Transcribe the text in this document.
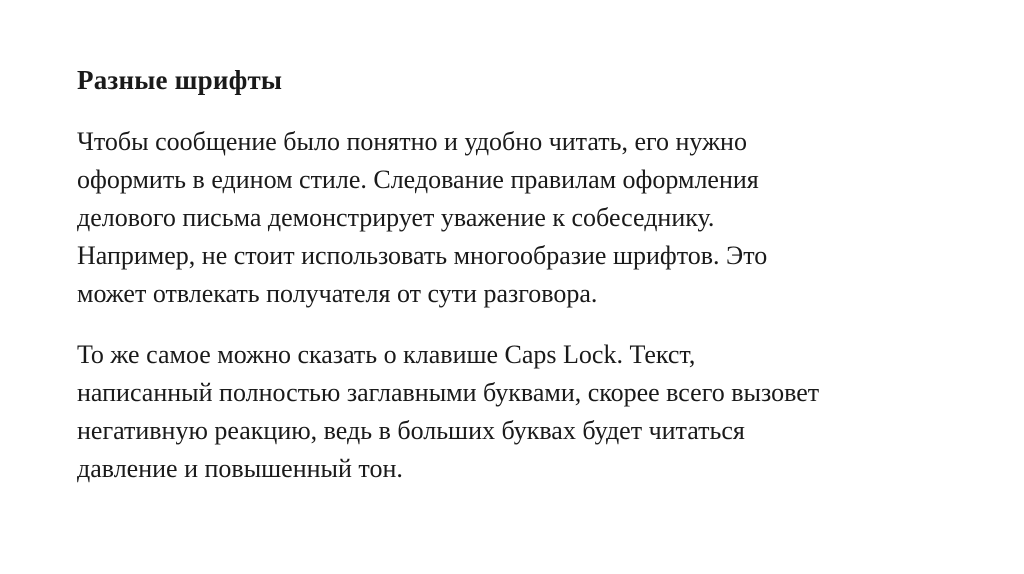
Разные шрифты

Чтобы сообщение было понятно и удобно читать, его нужно
оформить в едином стиле. Следование правилам оформления
делового письма демонстрирует уважение к собеседнику.
Например, не стоит использовать многообразие шрифтов. Это
может отвлекать получателя от сути разговора.

То же самое можно сказать о клавише Caps Lock. Текст,
написанный полностью заглавными буквами, скорее всего вызовет
негативную реакцию, ведь в больших буквах будет читаться
давление и повышенный тон.
